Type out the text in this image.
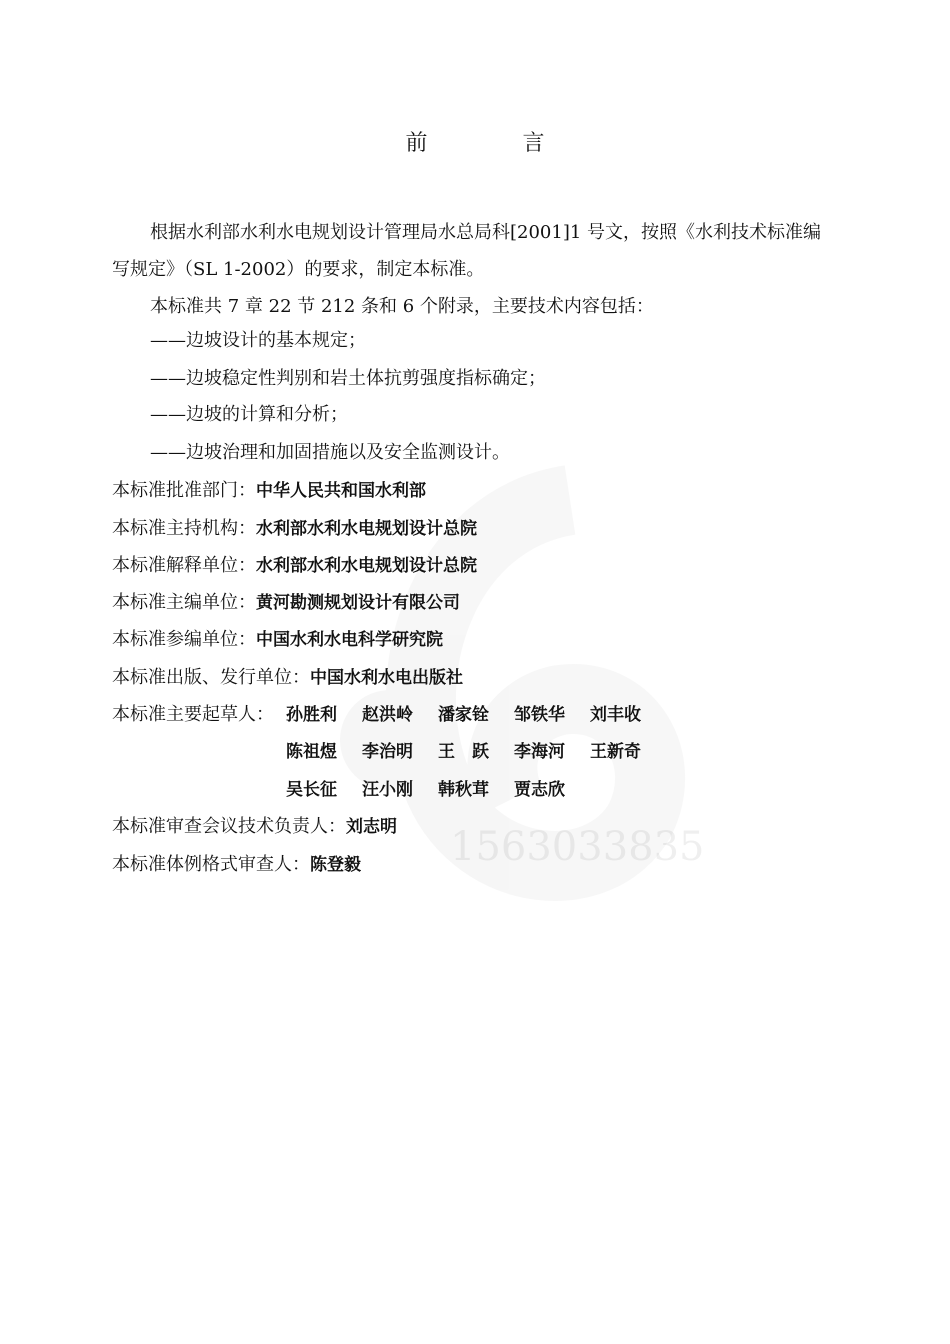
1563033835
前 言
根据水利部水利水电规划设计管理局水总局科[2001]1 号文，按照《水利技术标准编写规定》（SL 1-2002）的要求，制定本标准。
本标准共 7 章 22 节 212 条和 6 个附录，主要技术内容包括：
——边坡设计的基本规定；
——边坡稳定性判别和岩土体抗剪强度指标确定；
——边坡的计算和分析；
——边坡治理和加固措施以及安全监测设计。
本标准批准部门：中华人民共和国水利部
本标准主持机构：水利部水利水电规划设计总院
本标准解释单位：水利部水利水电规划设计总院
本标准主编单位：黄河勘测规划设计有限公司
本标准参编单位：中国水利水电科学研究院
本标准出版、发行单位：中国水利水电出版社
本标准主要起草人： 孙胜利 赵洪岭 潘家铨 邹铁华 刘丰收
陈祖煜 李治明 王　跃 李海河 王新奇
吴长征 汪小刚 韩秋茸 贾志欣
本标准审查会议技术负责人：刘志明
本标准体例格式审查人：陈登毅
